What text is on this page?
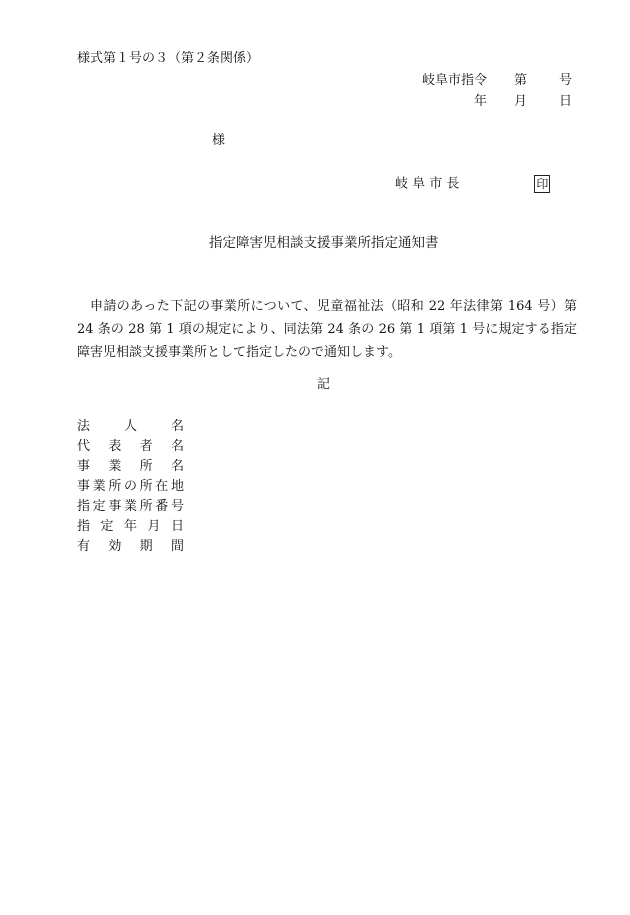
様式第１号の３（第２条関係）
岐阜市指令 第 号
年 月 日
様
岐 阜 市 長	印
指定障害児相談支援事業所指定通知書
申請のあった下記の事業所について、児童福祉法（昭和 22 年法律第 164 号）第 24 条の 28 第 1 項の規定により、同法第 24 条の 26 第 1 項第 1 号に規定する指定障害児相談支援事業所として指定したので通知します。
記
法	人	名
代 表 者 名
事 業 所 名
事 業 所 の 所 在 地
指 定 事 業 所 番 号
指 定 年 月 日
有 効 期 間
